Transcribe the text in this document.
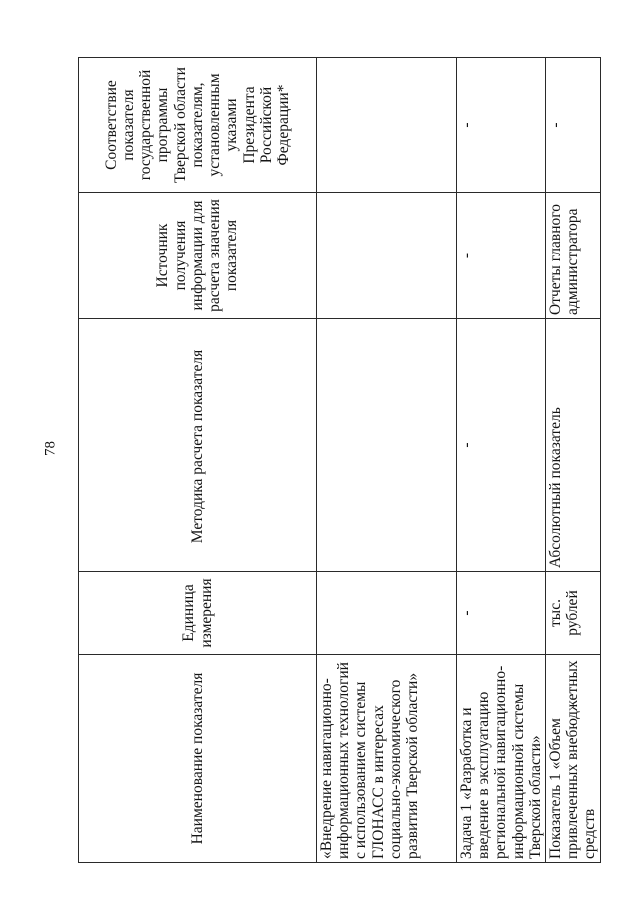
78
Наименование показателя	Единица измерения	Методика расчета показателя	Источник получения информации для расчета значения показателя	Соответствие показателя государственной программы Тверской области показателям, установленным указами Президента Российской Федерации*
«Внедрение навигационно-информационных технологий с использованием системы ГЛОНАСС в интересах социально-экономического развития Тверской области»				
Задача 1 «Разработка и введение в эксплуатацию региональной навигационно-информационной системы Тверской области»	-	-	-	-
Показатель 1 «Объем привлеченных внебюджетных средств	тыс. рублей	Абсолютный показатель	Отчеты главного администратора	-
